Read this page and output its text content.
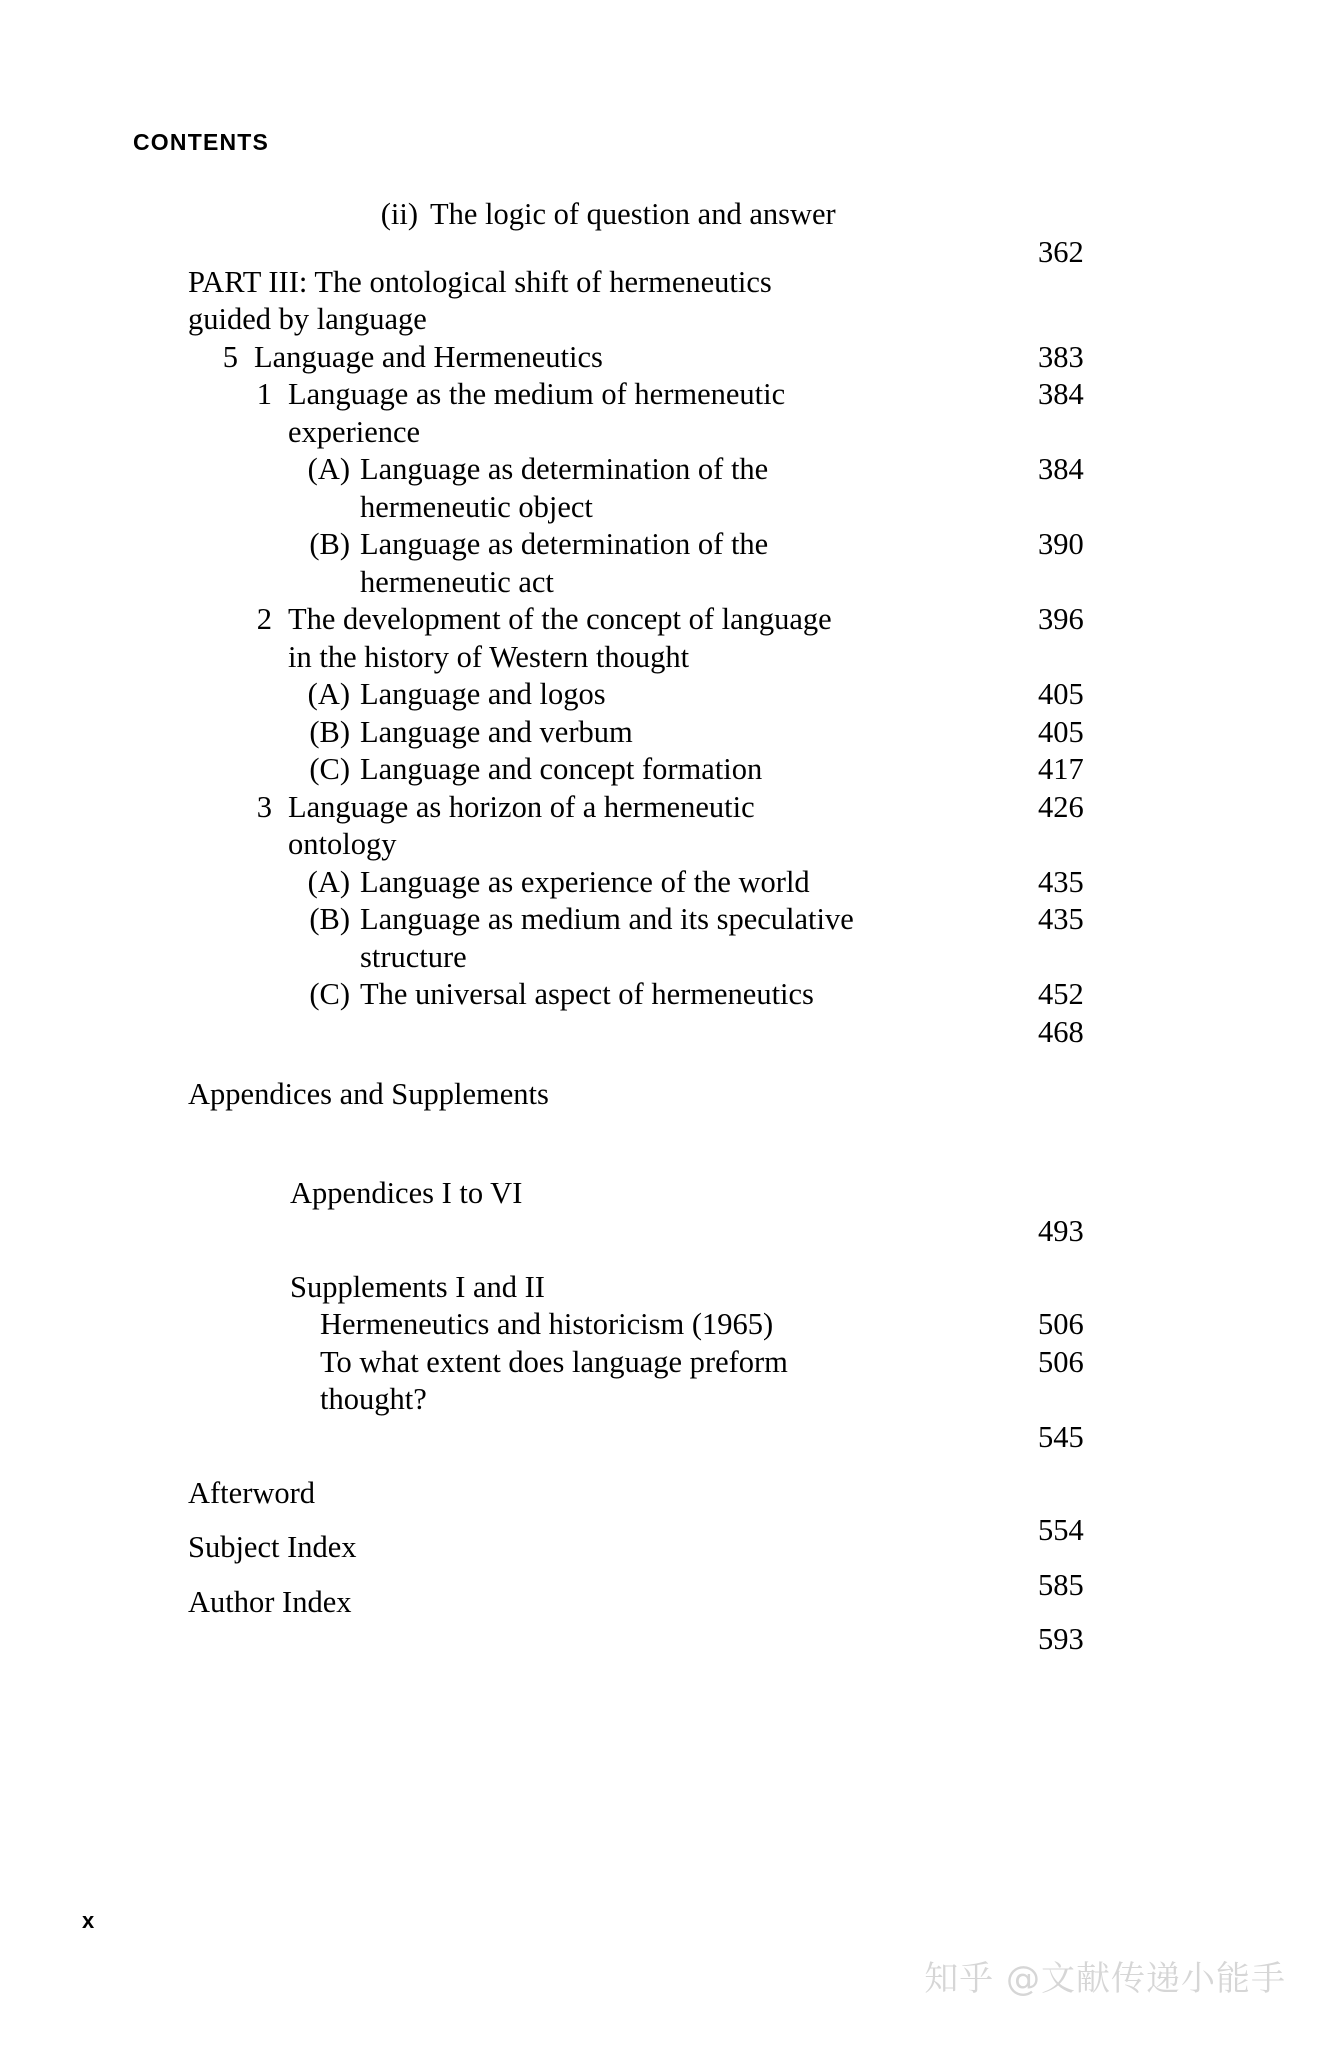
CONTENTS
(ii) The logic of question and answer
362
PART III: The ontological shift of hermeneutics
guided by language
383
5 Language and Hermeneutics
384
1 Language as the medium of hermeneutic
experience
384
(A) Language as determination of the
hermeneutic object
390
(B) Language as determination of the
hermeneutic act
396
2 The development of the concept of language
in the history of Western thought
405
(A) Language and logos
405
(B) Language and verbum
417
(C) Language and concept formation
426
3 Language as horizon of a hermeneutic
ontology
435
(A) Language as experience of the world
435
(B) Language as medium and its speculative
structure
452
(C) The universal aspect of hermeneutics
468
Appendices and Supplements
Appendices I to VI
493
Supplements I and II
506
Hermeneutics and historicism (1965)
506
To what extent does language preform
thought?
545
Afterword
554
Subject Index
585
Author Index
593
x
知乎 @文献传递小能手
